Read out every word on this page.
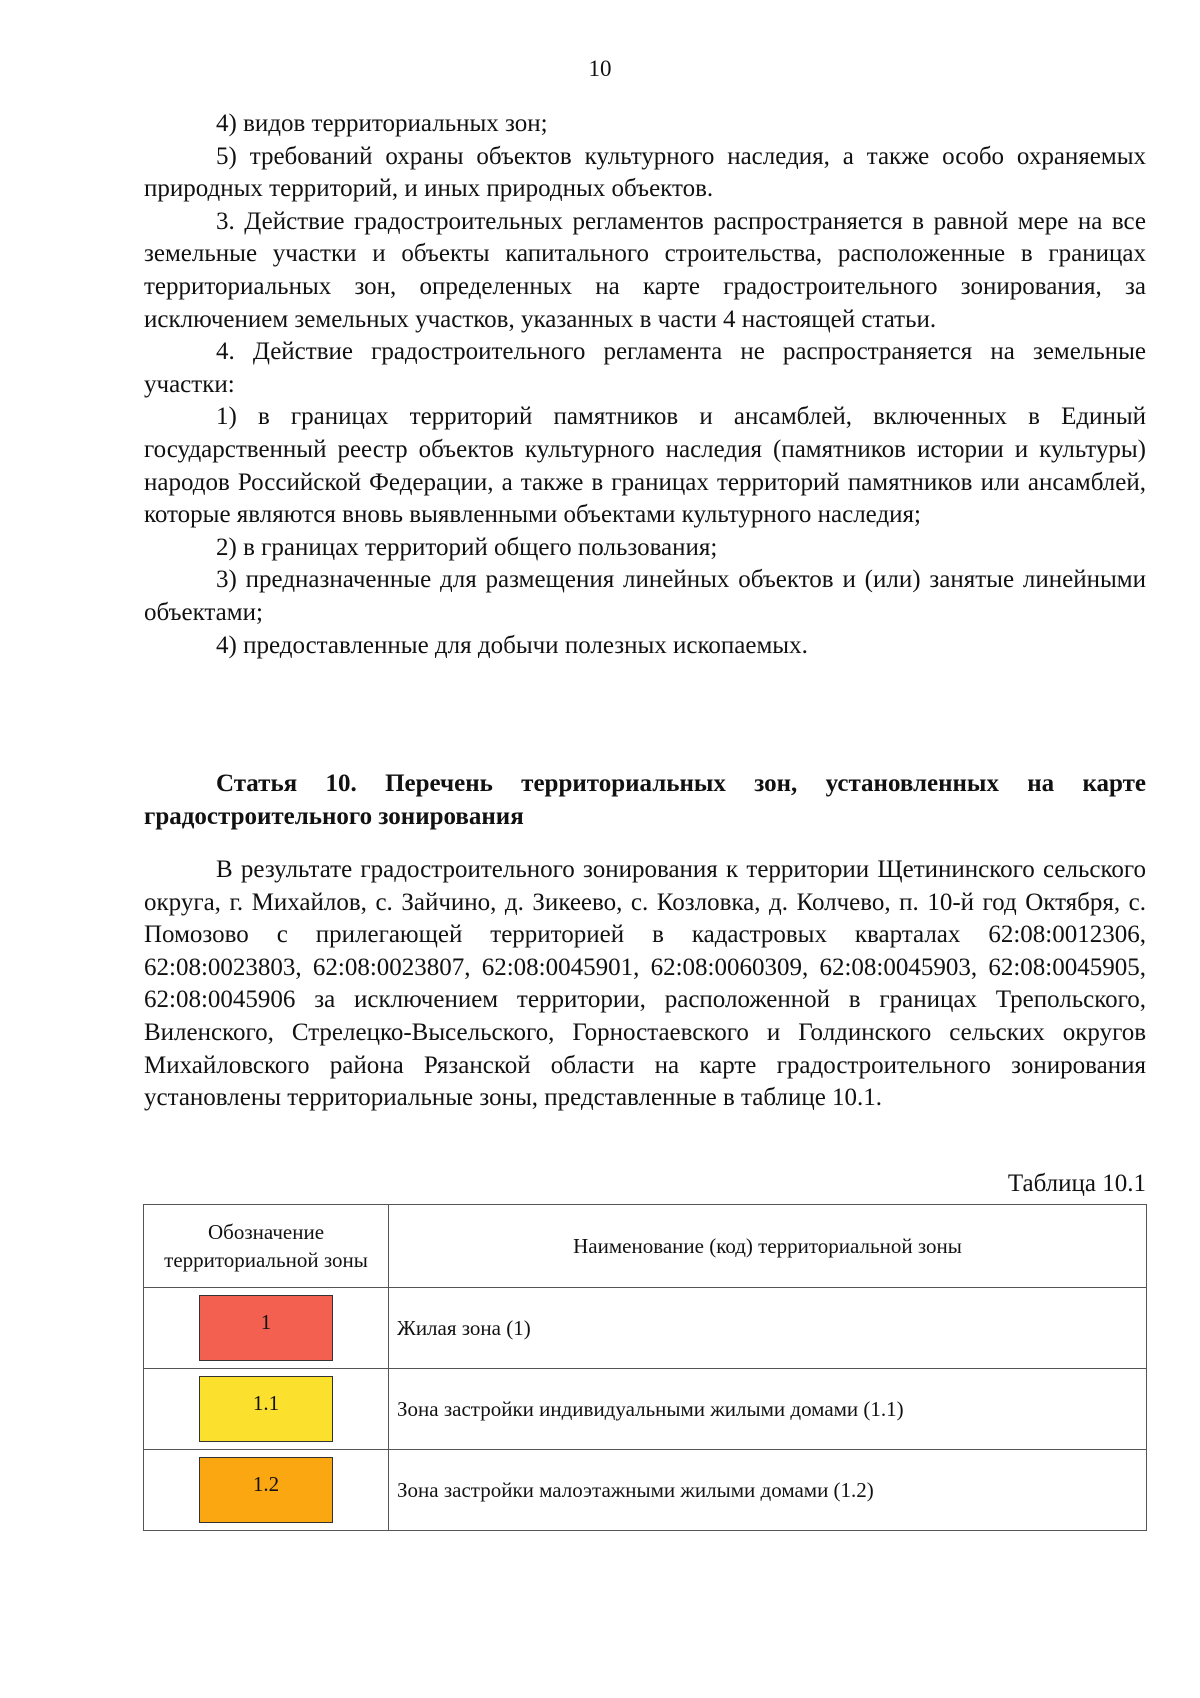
10

4) видов территориальных зон;

5) требований охраны объектов культурного наследия, а также особо охраняемых природных территорий, и иных природных объектов.

3. Действие градостроительных регламентов распространяется в равной мере на все земельные участки и объекты капитального строительства, расположенные в границах территориальных зон, определенных на карте градостроительного зонирования, за исключением земельных участков, указанных в части 4 настоящей статьи.

4. Действие градостроительного регламента не распространяется на земельные участки:

1) в границах территорий памятников и ансамблей, включенных в Единый государственный реестр объектов культурного наследия (памятников истории и культуры) народов Российской Федерации, а также в границах территорий памятников или ансамблей, которые являются вновь выявленными объектами культурного наследия;

2) в границах территорий общего пользования;

3) предназначенные для размещения линейных объектов и (или) занятые линейными объектами;

4) предоставленные для добычи полезных ископаемых.

Статья 10. Перечень территориальных зон, установленных на карте градостроительного зонирования

В результате градостроительного зонирования к территории Щетининского сельского округа, г. Михайлов, с. Зайчино, д. Зикеево, с. Козловка, д. Колчево, п. 10-й год Октября, с. Помозово с прилегающей территорией в кадастровых кварталах 62:08:0012306, 62:08:0023803, 62:08:0023807, 62:08:0045901, 62:08:0060309, 62:08:0045903, 62:08:0045905, 62:08:0045906 за исключением территории, расположенной в границах Трепольского, Виленского, Стрелецко-Высельского, Горностаевского и Голдинского сельских округов Михайловского района Рязанской области на карте градостроительного зонирования установлены территориальные зоны, представленные в таблице 10.1.

Таблица 10.1
Обозначение территориальной зоны	Наименование (код) территориальной зоны
1	Жилая зона (1)
1.1	Зона застройки индивидуальными жилыми домами (1.1)
1.2	Зона застройки малоэтажными жилыми домами (1.2)
